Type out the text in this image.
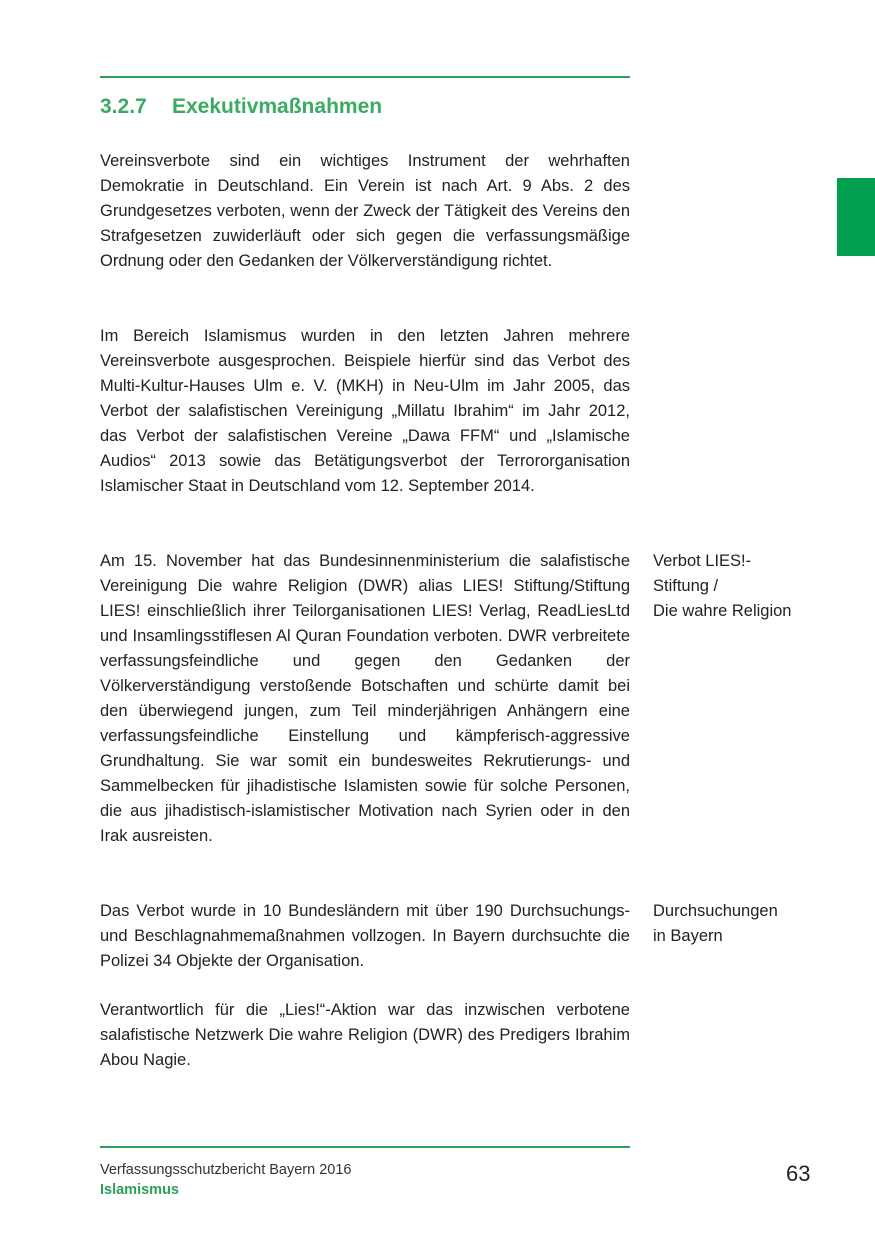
3.2.7 Exekutivmaßnahmen

Vereinsverbote sind ein wichtiges Instrument der wehrhaften Demokratie in Deutschland. Ein Verein ist nach Art. 9 Abs. 2 des Grundgesetzes verboten, wenn der Zweck der Tätigkeit des Vereins den Strafgesetzen zuwiderläuft oder sich gegen die verfassungsmäßige Ordnung oder den Gedanken der Völkerverständigung richtet.

Im Bereich Islamismus wurden in den letzten Jahren mehrere Vereinsverbote ausgesprochen. Beispiele hierfür sind das Verbot des Multi-Kultur-Hauses Ulm e. V. (MKH) in Neu-Ulm im Jahr 2005, das Verbot der salafistischen Vereinigung „Millatu Ibrahim“ im Jahr 2012, das Verbot der salafistischen Vereine „Dawa FFM“ und „Islamische Audios“ 2013 sowie das Betätigungsverbot der Terrororganisation Islamischer Staat in Deutschland vom 12. September 2014.

Am 15. November hat das Bundesinnenministerium die salafistische Vereinigung Die wahre Religion (DWR) alias LIES! Stiftung/Stiftung LIES! einschließlich ihrer Teilorganisationen LIES! Verlag, ReadLiesLtd und Insamlingsstiflesen Al Quran Foundation verboten. DWR verbreitete verfassungsfeindliche und gegen den Gedanken der Völkerverständigung verstoßende Botschaften und schürte damit bei den überwiegend jungen, zum Teil minderjährigen Anhängern eine verfassungsfeindliche Einstellung und kämpferisch-aggressive Grundhaltung. Sie war somit ein bundesweites Rekrutierungs- und Sammelbecken für jihadistische Islamisten sowie für solche Personen, die aus jihadistisch-islamistischer Motivation nach Syrien oder in den Irak ausreisten.

Das Verbot wurde in 10 Bundesländern mit über 190 Durchsuchungs- und Beschlagnahmemaßnahmen vollzogen. In Bayern durchsuchte die Polizei 34 Objekte der Organisation.

Verantwortlich für die „Lies!“-Aktion war das inzwischen verbotene salafistische Netzwerk Die wahre Religion (DWR) des Predigers Ibrahim Abou Nagie.

Verbot LIES!-
Stiftung /
Die wahre Religion
Durchsuchungen
in Bayern
Verfassungsschutzbericht Bayern 2016
Islamismus
63
